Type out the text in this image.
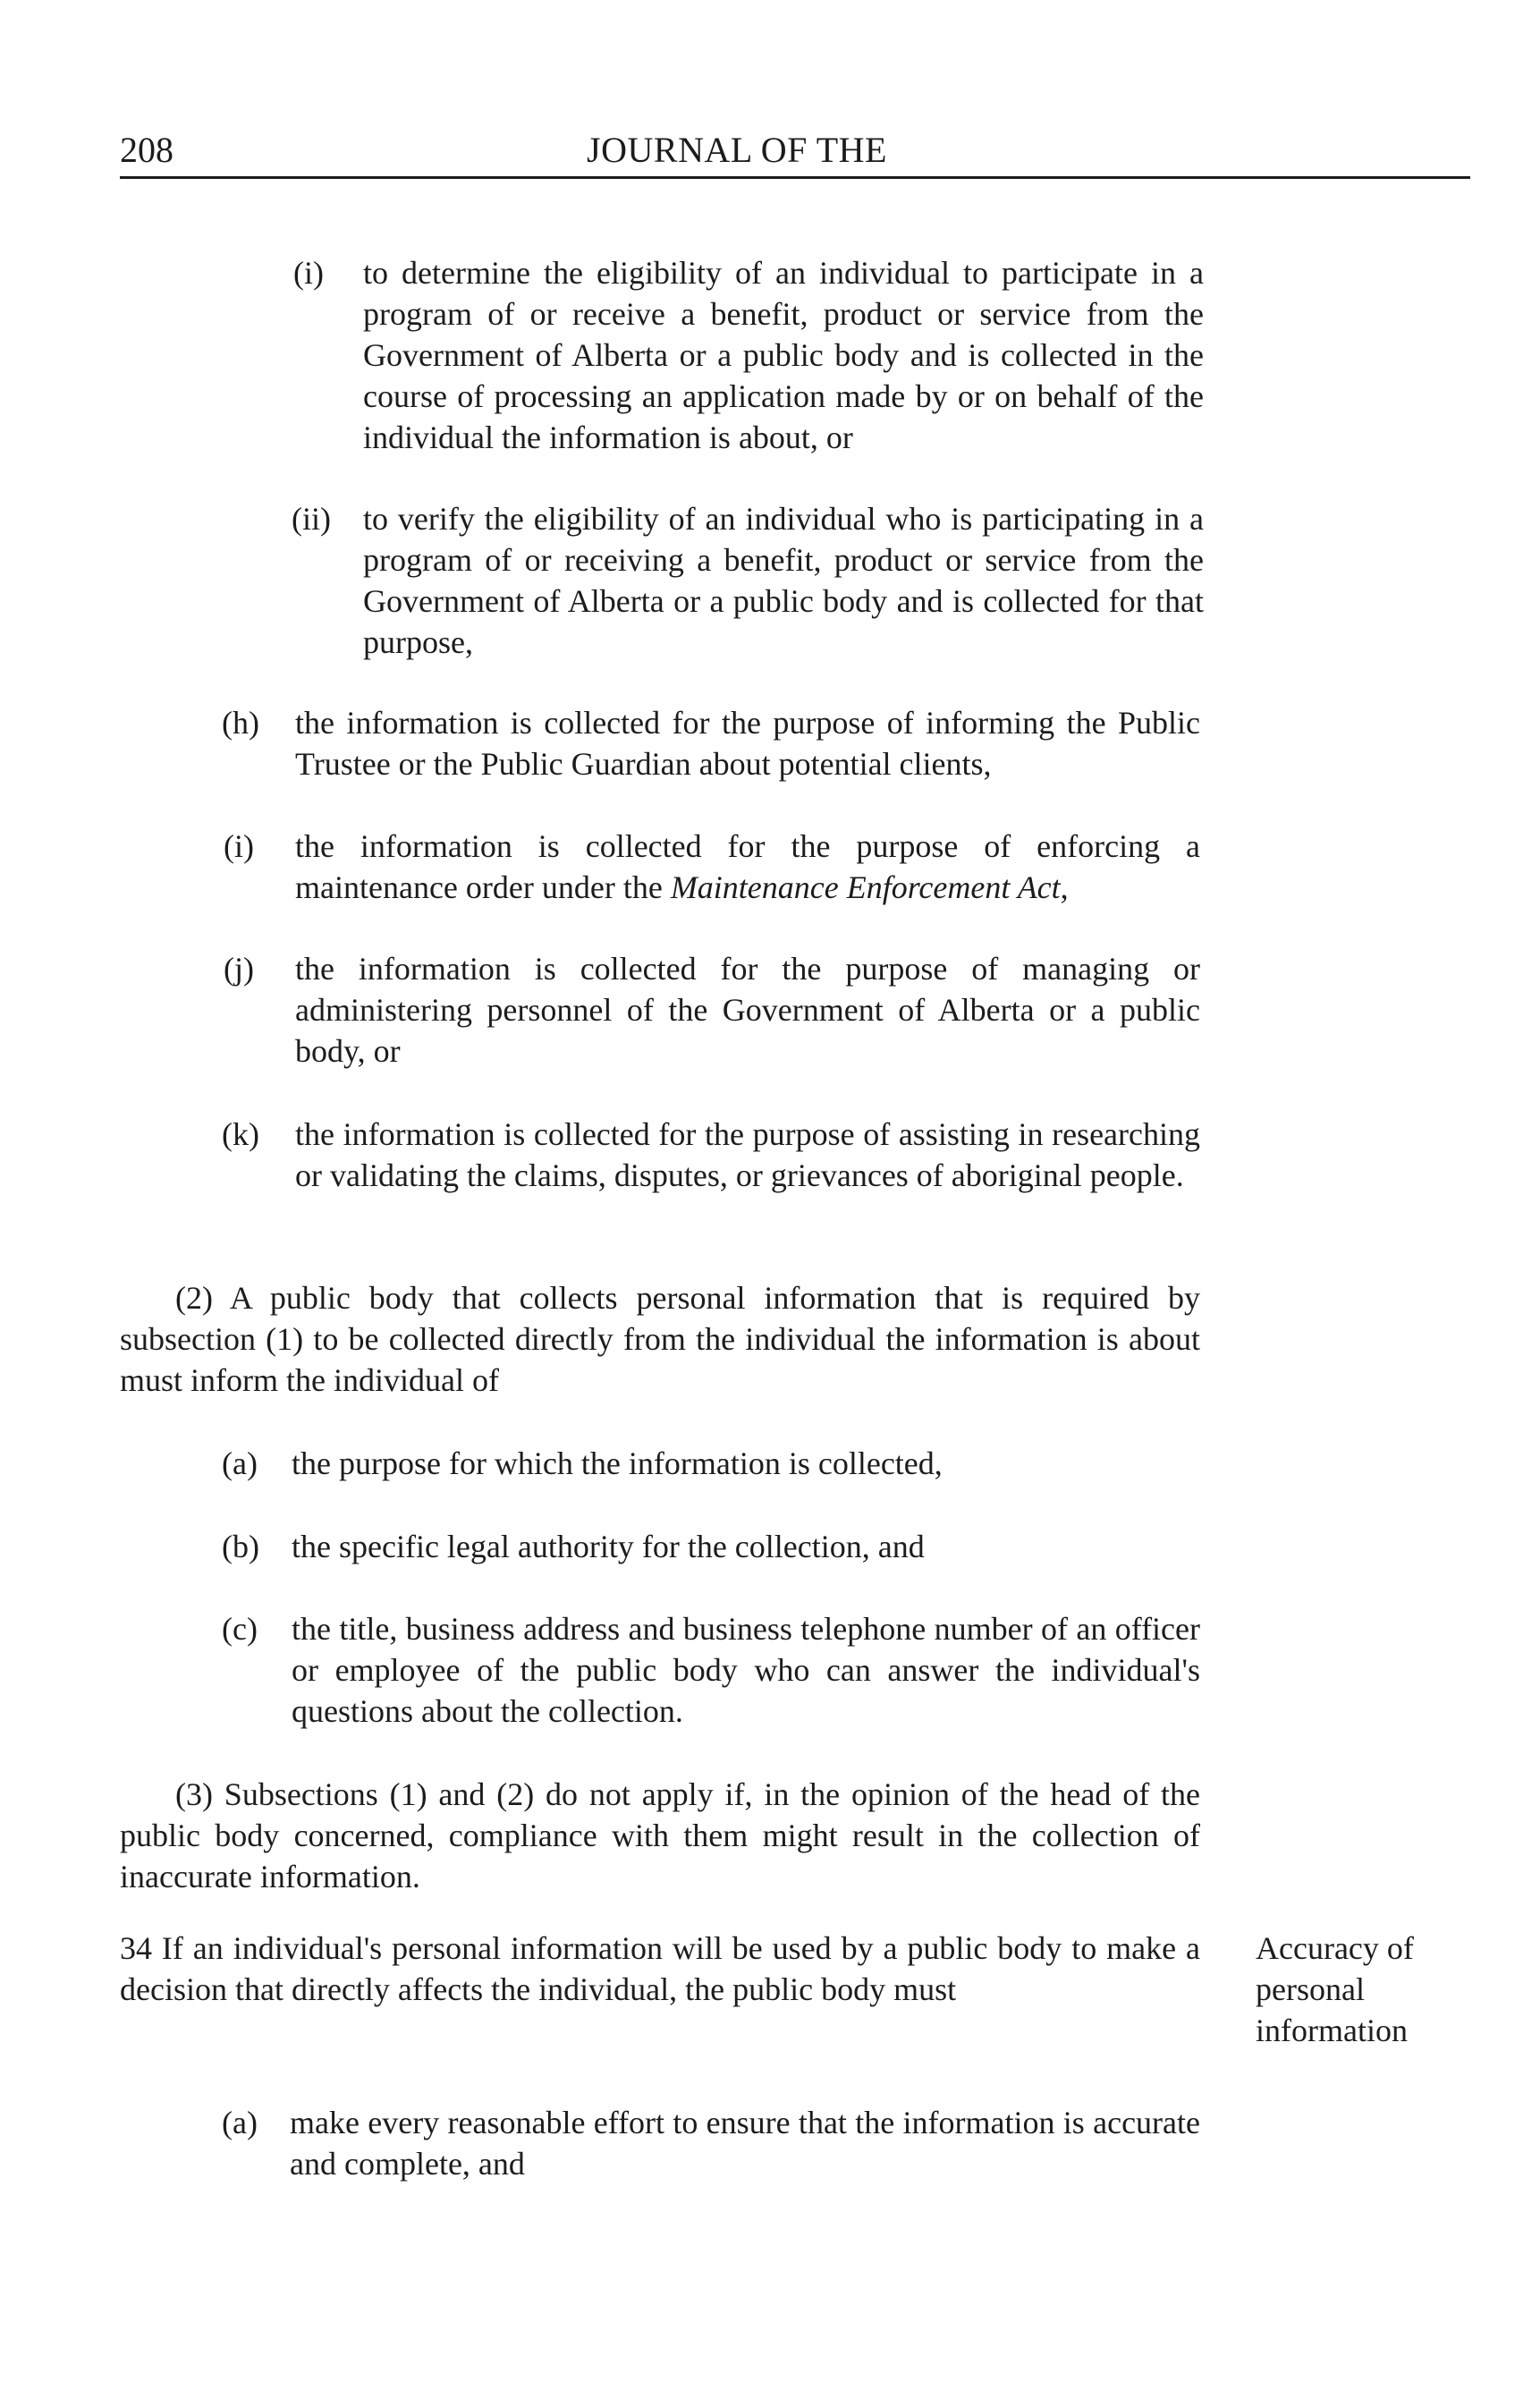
208	JOURNAL OF THE
(i) to determine the eligibility of an individual to participate in a program of or receive a benefit, product or service from the Government of Alberta or a public body and is collected in the course of processing an application made by or on behalf of the individual the information is about, or
(ii) to verify the eligibility of an individual who is participating in a program of or receiving a benefit, product or service from the Government of Alberta or a public body and is collected for that purpose,
(h) the information is collected for the purpose of informing the Public Trustee or the Public Guardian about potential clients,
(i) the information is collected for the purpose of enforcing a maintenance order under the Maintenance Enforcement Act,
(j) the information is collected for the purpose of managing or administering personnel of the Government of Alberta or a public body, or
(k) the information is collected for the purpose of assisting in researching or validating the claims, disputes, or grievances of aboriginal people.
(2) A public body that collects personal information that is required by subsection (1) to be collected directly from the individual the information is about must inform the individual of
(a) the purpose for which the information is collected,
(b) the specific legal authority for the collection, and
(c) the title, business address and business telephone number of an officer or employee of the public body who can answer the individual's questions about the collection.
(3) Subsections (1) and (2) do not apply if, in the opinion of the head of the public body concerned, compliance with them might result in the collection of inaccurate information.
34 If an individual's personal information will be used by a public body to make a decision that directly affects the individual, the public body must
Accuracy of
personal
information
(a) make every reasonable effort to ensure that the information is accurate and complete, and
